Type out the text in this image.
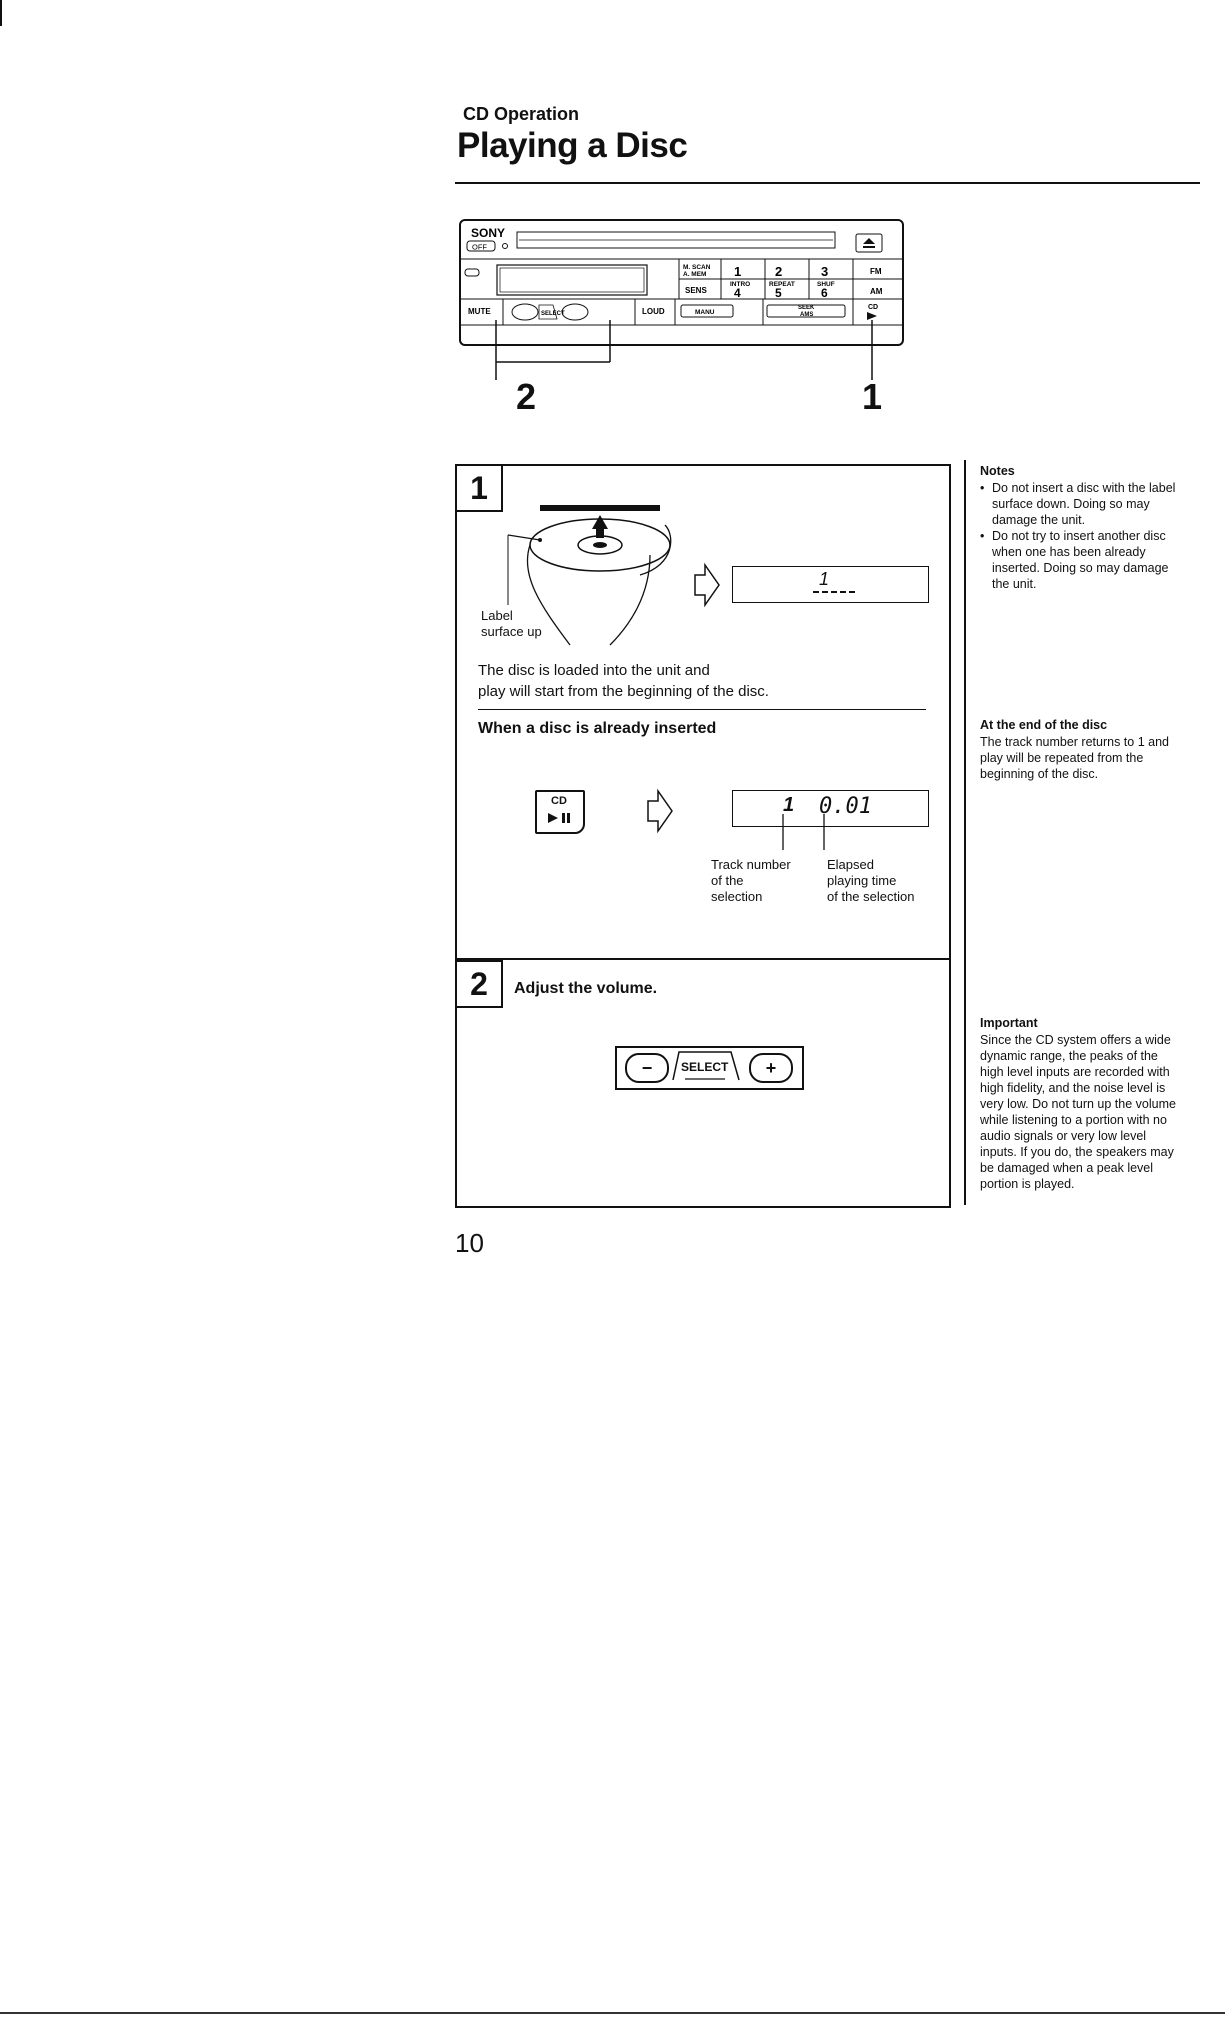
CD Operation
Playing a Disc
SONY
OFF
M. SCAN
A. MEM
SENS
1	2	3
INTRO	REPEAT	SHUF
4	5	6
FM
AM
MUTE	SELECT	LOUD	MANU
SEEK
AMS
CD
2	1
1
Label
surface up
1
The disc is loaded into the unit and
play will start from the beginning of the disc.
When a disc is already inserted
CD	1 0.01
Track number
of the
selection
Elapsed
playing time
of the selection
2	Adjust the volume.
− SELECT +
Notes
• Do not insert a disc with the label surface down. Doing so may damage the unit.
• Do not try to insert another disc when one has been already inserted. Doing so may damage the unit.
At the end of the disc
The track number returns to 1 and play will be repeated from the beginning of the disc.
Important
Since the CD system offers a wide dynamic range, the peaks of the high level inputs are recorded with high fidelity, and the noise level is very low. Do not turn up the volume while listening to a portion with no audio signals or very low level inputs. If you do, the speakers may be damaged when a peak level portion is played.
10
